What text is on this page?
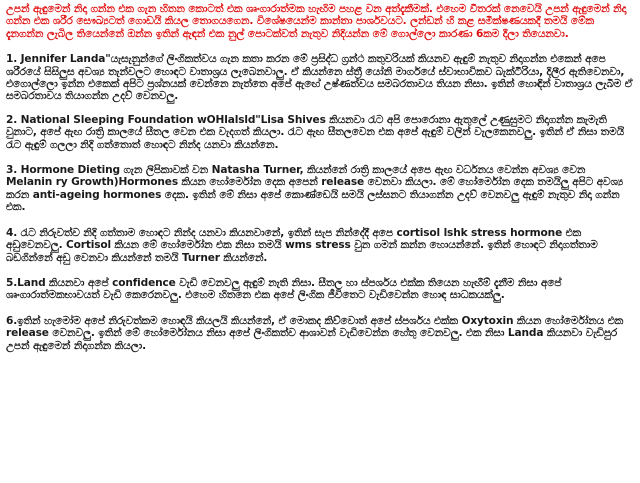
උපන් ඇඳුමෙන් නිදා ගන්න එක ගැන හිතන කොටත් එක ශෘංගාරාත්මක හැඟිම පහළ වන අත්දැකීමක්. එහෙම වීතරක් නෙවෙයි උපන් ඇඳුමෙන් නිදා ගන්න එක ශරීර සෞඛ්‍යටත් ගොඩයි කියල තොගයගෙන. විශේෂයෙන්ම කාන්තා පාර්ශවයට. ලන්ඩන් හි කළ සමීක්ෂණයකදී තමයි මේක දැනගන්න ලැබිල තියෙන්නේ ඔන්න ඉතින් ඇඳන් එක නුල් පොටක්වත් නැතුව නිදියන්න මේ ගොල්ලො කාරණා 6කම දීලා තියෙනවා.

1. Jennifer Landa"යැසැනුන්ගේ ලිංගිකත්වය ගැන කතා කරන මේ ප්‍රසිද්ධ ග්‍රන්ථ කතුවරියක් කියනව ඇඳුම් නැතුව නිදාගන්න එකෙන් අපෙ ශරීරයේ සිසිලුස අවශ්‍ය තැන්වලට හොඳට වාතාශ්‍රය ලැබෙනවාලු. ඒ කියන්නෙ ස්ත්‍රී යෝනි මාර්ගයේ ස්වාභාවිකව බැක්ටීරියා, දිලීර ඇතිවෙනවා, එගොල්ලො ඉන්න එකෙක් අපිට ප්‍රශ්නයක් වෙන්නෙ නැත්තෙ අපේ ඇඟේ උෂ්ණත්වය සමබරතාවය තියන නිසා. ඉතින් හොඳින් වාතාශ්‍රය ලැබීම ඒ සමබරතාවය තියාගන්න උදව් වෙනවලු.

2. National Sleeping Foundation wOHlalsld"Lisa Shives කියනවා රැට අපි පොරොනා ඇතුලේ උණුසුමට නිදාගන්න කැමැති වුනාට, අපේ ඇඟ රාත්‍රි කාලයේ සීතල වෙන එක වැදගත් කියලා. රැට ඇඟ සීතලවෙන එක අපේ ඇඳුම් වලින් වැලකෙනවලු. ඉතින් ඒ නිසා තමයි රැට ඇඳුම් ගලලා නිදි ගත්තොත් හොඳට නින්ද යනවා කියන්නෙ.

3. Hormone Dieting ගැන ලිපිකාවක් වන Natasha Turner, කියන්නේ රාත්‍රි කාලයේ අපෙ ඇඟ වර්ධනය වෙන්න අවශ්‍ය වෙන Melanin ry Growth)Hormones කියන හෝර්මෝන දෙක අපෙන් release වෙනවා කියලා. මේ හෝර්මෝන දෙක තමයිලු අපිට අවශ්‍ය කරන anti-ageing hormones දෙක. ඉතින් මේ නිසා අපේ කොණ්ඩෙයි සමයි ලස්සනට තියාගන්න උදව් වෙනවලු ඇඳුම් නැතුව නිදා ගන්න එක.

4. රැට නිරුවත්ව නිදි ගත්තාම හොඳට නින්ද යනවා කියනවානේ, ඉතින් සැප නින්දේදී අපෙ cortisol lshk stress hormone එක අඩුවෙනවලු. Cortisol කියන මේ හෝර්මෝන එක නිසා තමයි wms stress වුන ගමන් කන්න හොයන්නේ. ඉතින් හොඳට නිදාගත්තාම බඩගින්නේ අඩු වෙනවා කියන්නේ තමයි Turner කියන්නේ.

5.Land කියනවා අපේ confidence වැඩි වෙනවලු ඇඳුම් නැති නිසා. සීතල හා ස්පර්ශය එක්ක තියෙන හැඟීම් දැනීම නිසා අපේ ශෘංගාරාත්මකභාවයත් වැඩි කෙරෙනවලු. එහෙම හිතනෙ එක අපේ ලිංගික ජීවිතෙට වැඩිවෙන්න හොඳ සාධකයක්ලු.

6.ඉතින් හැමෝම අපේ නිරුවත්කම හොඳයි කියලයි කියන්නේ, ඒ මොකද කිව්වොත් අපේ ස්පර්ශය එක්ක Oxytoxin කියන හෝර්මෝනය එක release වෙනවලු. ඉතින් මේ හෝර්මෝනය නිසා අපේ ලිංගිකත්ව ආශාවන් වැඩිවෙන්න හේතු වෙනවලු. එක නිසා Landa කියනවා වැඩිපුර උපන් ඇඳුමෙන් නිදාගන්න කියලා.
